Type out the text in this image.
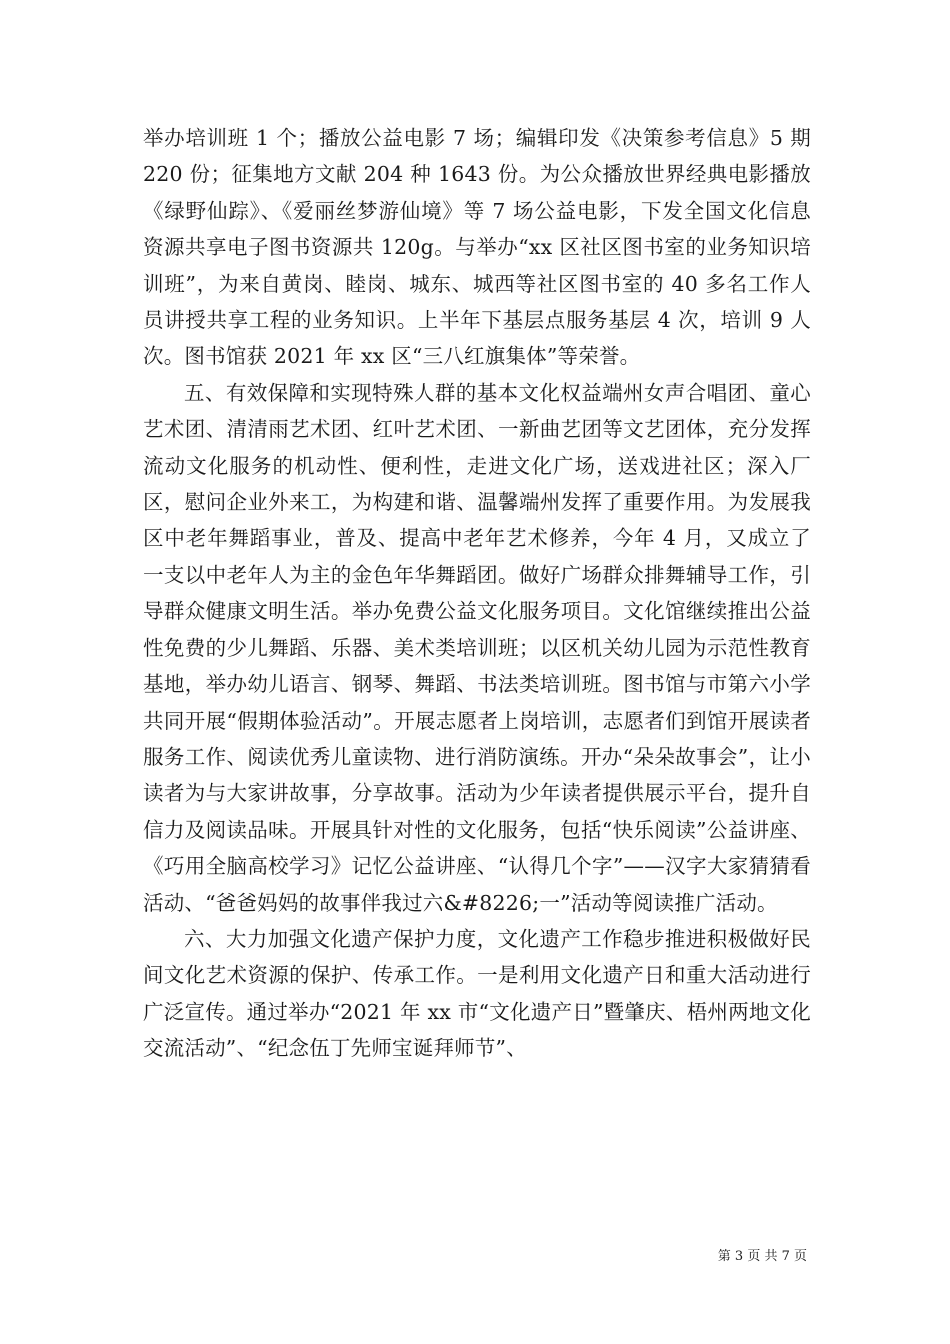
举办培训班 1 个；播放公益电影 7 场；编辑印发《决策参考信息》5 期 220 份；征集地方文献 204 种 1643 份。为公众播放世界经典电影播放《绿野仙踪》、《爱丽丝梦游仙境》等 7 场公益电影，下发全国文化信息资源共享电子图书资源共 120g。与举办“xx 区社区图书室的业务知识培训班”，为来自黄岗、睦岗、城东、城西等社区图书室的 40 多名工作人员讲授共享工程的业务知识。上半年下基层点服务基层 4 次，培训 9 人次。图书馆获 2021 年 xx 区“三八红旗集体”等荣誉。

五、有效保障和实现特殊人群的基本文化权益端州女声合唱团、童心艺术团、清清雨艺术团、红叶艺术团、一新曲艺团等文艺团体，充分发挥流动文化服务的机动性、便利性，走进文化广场，送戏进社区；深入厂区，慰问企业外来工，为构建和谐、温馨端州发挥了重要作用。为发展我区中老年舞蹈事业，普及、提高中老年艺术修养，今年 4 月，又成立了一支以中老年人为主的金色年华舞蹈团。做好广场群众排舞辅导工作，引导群众健康文明生活。举办免费公益文化服务项目。文化馆继续推出公益性免费的少儿舞蹈、乐器、美术类培训班；以区机关幼儿园为示范性教育基地，举办幼儿语言、钢琴、舞蹈、书法类培训班。图书馆与市第六小学共同开展“假期体验活动”。开展志愿者上岗培训，志愿者们到馆开展读者服务工作、阅读优秀儿童读物、进行消防演练。开办“朵朵故事会”，让小读者为与大家讲故事，分享故事。活动为少年读者提供展示平台，提升自信力及阅读品味。开展具针对性的文化服务，包括“快乐阅读”公益讲座、《巧用全脑高校学习》记忆公益讲座、“认得几个字”——汉字大家猜猜看活动、“爸爸妈妈的故事伴我过六&#8226;一”活动等阅读推广活动。

六、大力加强文化遗产保护力度，文化遗产工作稳步推进积极做好民间文化艺术资源的保护、传承工作。一是利用文化遗产日和重大活动进行广泛宣传。通过举办“2021 年 xx 市“文化遗产日”暨肇庆、梧州两地文化交流活动”、“纪念伍丁先师宝诞拜师节”、

第 3 页 共 7 页
